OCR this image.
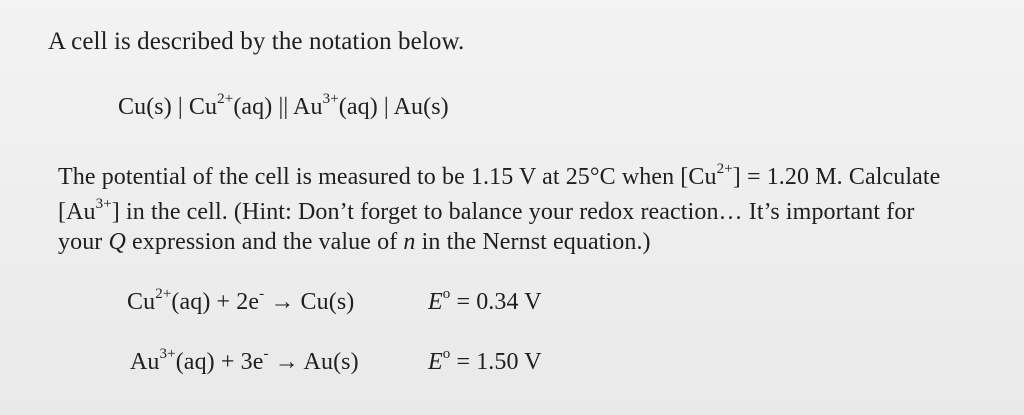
A cell is described by the notation below.
Cu(s) | $Cu^{2+}(aq)$ || $Au^{3+}(aq)$ | Au(s)
The potential of the cell is measured to be 1.15 V at 25°C when $[Cu^{2+}] = 1.20$ M. Calculate
$[Au^{3+}]$ in the cell. (Hint: Don’t forget to balance your redox reaction… It’s important for
your Q expression and the value of n in the Nernst equation.)
$Cu^{2+}(aq) + 2e^- \to Cu(s)$	$E^o = 0.34$ V
$Au^{3+}(aq) + 3e^- \to Au(s)$	$E^o = 1.50$ V
